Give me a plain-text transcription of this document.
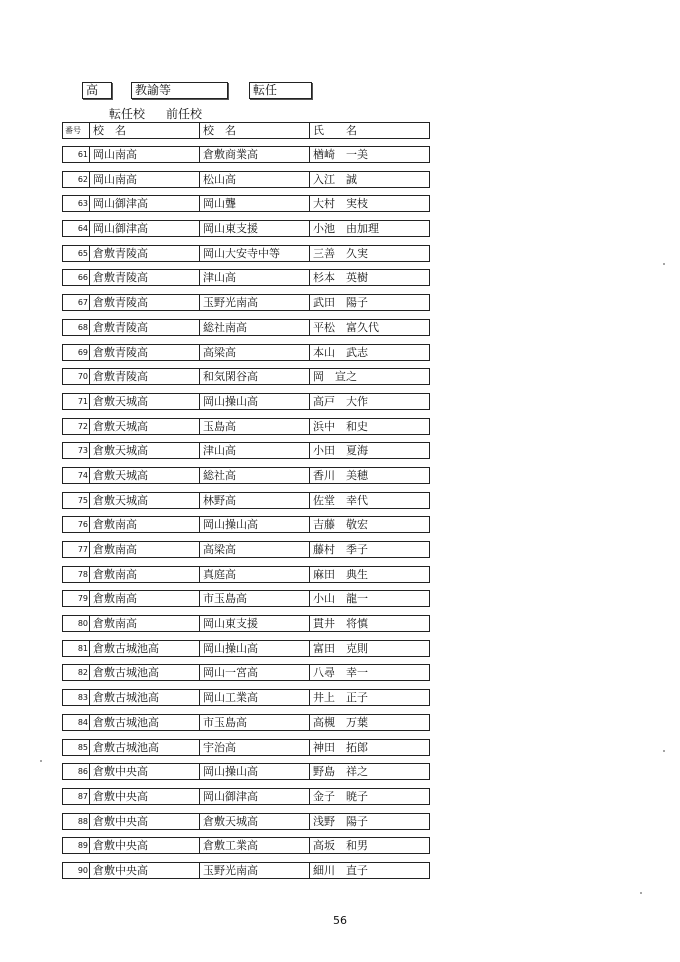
高	教諭等	転任
転任校 前任校
番号	校　名	校　名	氏　　名
61 岡山南高	倉敷商業高	楢崎　一美
62 岡山南高	松山高	入江　誠
63 岡山御津高	岡山聾	大村　実枝
64 岡山御津高	岡山東支援	小池　由加理
65 倉敷青陵高	岡山大安寺中等	三善　久実
66 倉敷青陵高	津山高	杉本　英樹
67 倉敷青陵高	玉野光南高	武田　陽子
68 倉敷青陵高	総社南高	平松　富久代
69 倉敷青陵高	高梁高	本山　武志
70 倉敷青陵高	和気閑谷高	岡　宣之
71 倉敷天城高	岡山操山高	高戸　大作
72 倉敷天城高	玉島高	浜中　和史
73 倉敷天城高	津山高	小田　夏海
74 倉敷天城高	総社高	香川　美穂
75 倉敷天城高	林野高	佐堂　幸代
76 倉敷南高	岡山操山高	吉藤　敬宏
77 倉敷南高	高梁高	藤村　季子
78 倉敷南高	真庭高	麻田　典生
79 倉敷南高	市玉島高	小山　龍一
80 倉敷南高	岡山東支援	貫井　将慎
81 倉敷古城池高	岡山操山高	富田　克則
82 倉敷古城池高	岡山一宮高	八尋　幸一
83 倉敷古城池高	岡山工業高	井上　正子
84 倉敷古城池高	市玉島高	高槻　万葉
85 倉敷古城池高	宇治高	神田　拓郎
86 倉敷中央高	岡山操山高	野島　祥之
87 倉敷中央高	岡山御津高	金子　暁子
88 倉敷中央高	倉敷天城高	浅野　陽子
89 倉敷中央高	倉敷工業高	高坂　和男
90 倉敷中央高	玉野光南高	細川　直子
56
